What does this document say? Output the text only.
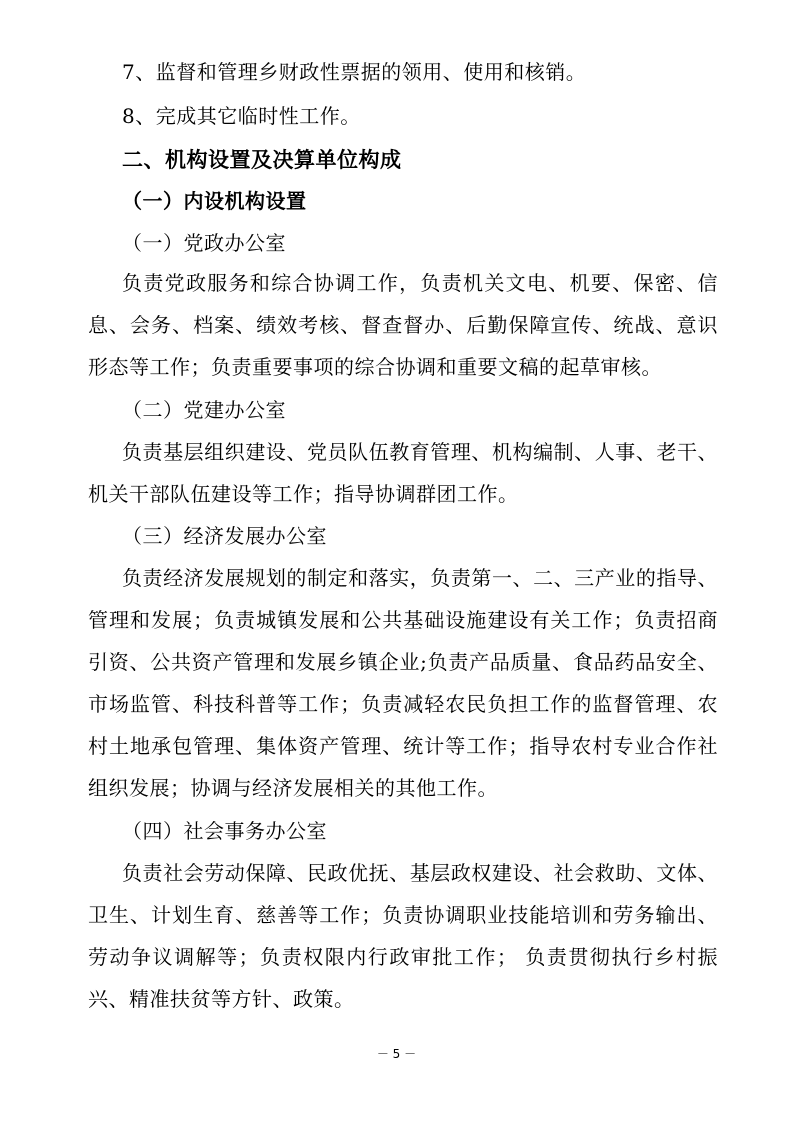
7、监督和管理乡财政性票据的领用、使用和核销。
8、完成其它临时性工作。
二、机构设置及决算单位构成
（一）内设机构设置
（一）党政办公室
负责党政服务和综合协调工作，负责机关文电、机要、保密、信
息、会务、档案、绩效考核、督查督办、后勤保障宣传、统战、意识
形态等工作；负责重要事项的综合协调和重要文稿的起草审核。
（二）党建办公室
负责基层组织建设、党员队伍教育管理、机构编制、人事、老干、
机关干部队伍建设等工作；指导协调群团工作。
（三）经济发展办公室
负责经济发展规划的制定和落实，负责第一、二、三产业的指导、
管理和发展；负责城镇发展和公共基础设施建设有关工作；负责招商
引资、公共资产管理和发展乡镇企业;负责产品质量、食品药品安全、
市场监管、科技科普等工作；负责减轻农民负担工作的监督管理、农
村土地承包管理、集体资产管理、统计等工作；指导农村专业合作社
组织发展；协调与经济发展相关的其他工作。
（四）社会事务办公室
负责社会劳动保障、民政优抚、基层政权建设、社会救助、文体、
卫生、计划生育、慈善等工作；负责协调职业技能培训和劳务输出、
劳动争议调解等；负责权限内行政审批工作； 负责贯彻执行乡村振
兴、精准扶贫等方针、政策。
－ 5 －
